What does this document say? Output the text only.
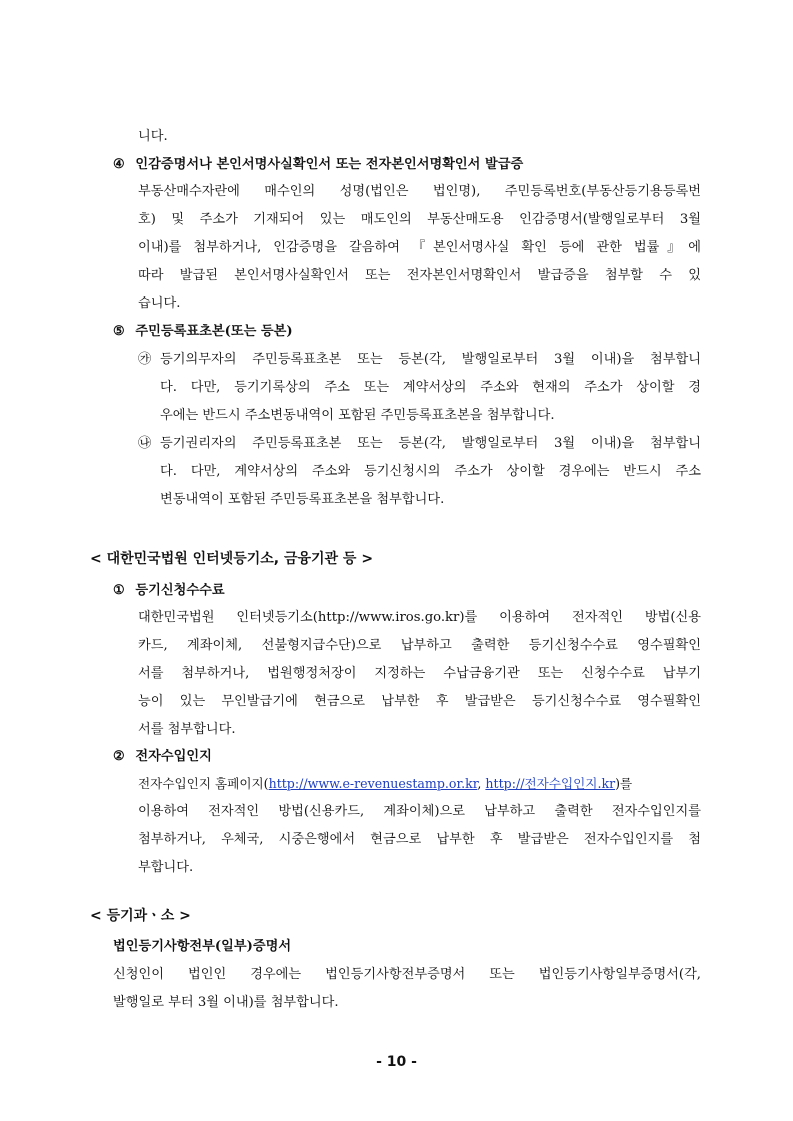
니다.
④ 인감증명서나 본인서명사실확인서 또는 전자본인서명확인서 발급증
부동산매수자란에 매수인의 성명(법인은 법인명), 주민등록번호(부동산등기용등록번
호) 및 주소가 기재되어 있는 매도인의 부동산매도용 인감증명서(발행일로부터 3월
이내)를 첨부하거나, 인감증명을 갈음하여 『본인서명사실 확인 등에 관한 법률』에
따라 발급된 본인서명사실확인서 또는 전자본인서명확인서 발급증을 첨부할 수 있
습니다.
⑤ 주민등록표초본(또는 등본)
㉮ 등기의무자의 주민등록표초본 또는 등본(각, 발행일로부터 3월 이내)을 첨부합니
다. 다만, 등기기록상의 주소 또는 계약서상의 주소와 현재의 주소가 상이할 경
우에는 반드시 주소변동내역이 포함된 주민등록표초본을 첨부합니다.
㉯ 등기권리자의 주민등록표초본 또는 등본(각, 발행일로부터 3월 이내)을 첨부합니
다. 다만, 계약서상의 주소와 등기신청시의 주소가 상이할 경우에는 반드시 주소
변동내역이 포함된 주민등록표초본을 첨부합니다.
< 대한민국법원 인터넷등기소, 금융기관 등 >
① 등기신청수수료
대한민국법원 인터넷등기소(http://www.iros.go.kr)를 이용하여 전자적인 방법(신용
카드, 계좌이체, 선불형지급수단)으로 납부하고 출력한 등기신청수수료 영수필확인
서를 첨부하거나, 법원행정처장이 지정하는 수납금융기관 또는 신청수수료 납부기
능이 있는 무인발급기에 현금으로 납부한 후 발급받은 등기신청수수료 영수필확인
서를 첨부합니다.
② 전자수입인지
전자수입인지 홈페이지(http://www.e-revenuestamp.or.kr, http://전자수입인지.kr)를
이용하여 전자적인 방법(신용카드, 계좌이체)으로 납부하고 출력한 전자수입인지를
첨부하거나, 우체국, 시중은행에서 현금으로 납부한 후 발급받은 전자수입인지를 첨
부합니다.
< 등기과ㆍ소 >
법인등기사항전부(일부)증명서
신청인이 법인인 경우에는 법인등기사항전부증명서 또는 법인등기사항일부증명서(각,
발행일로 부터 3월 이내)를 첨부합니다.
- 10 -
